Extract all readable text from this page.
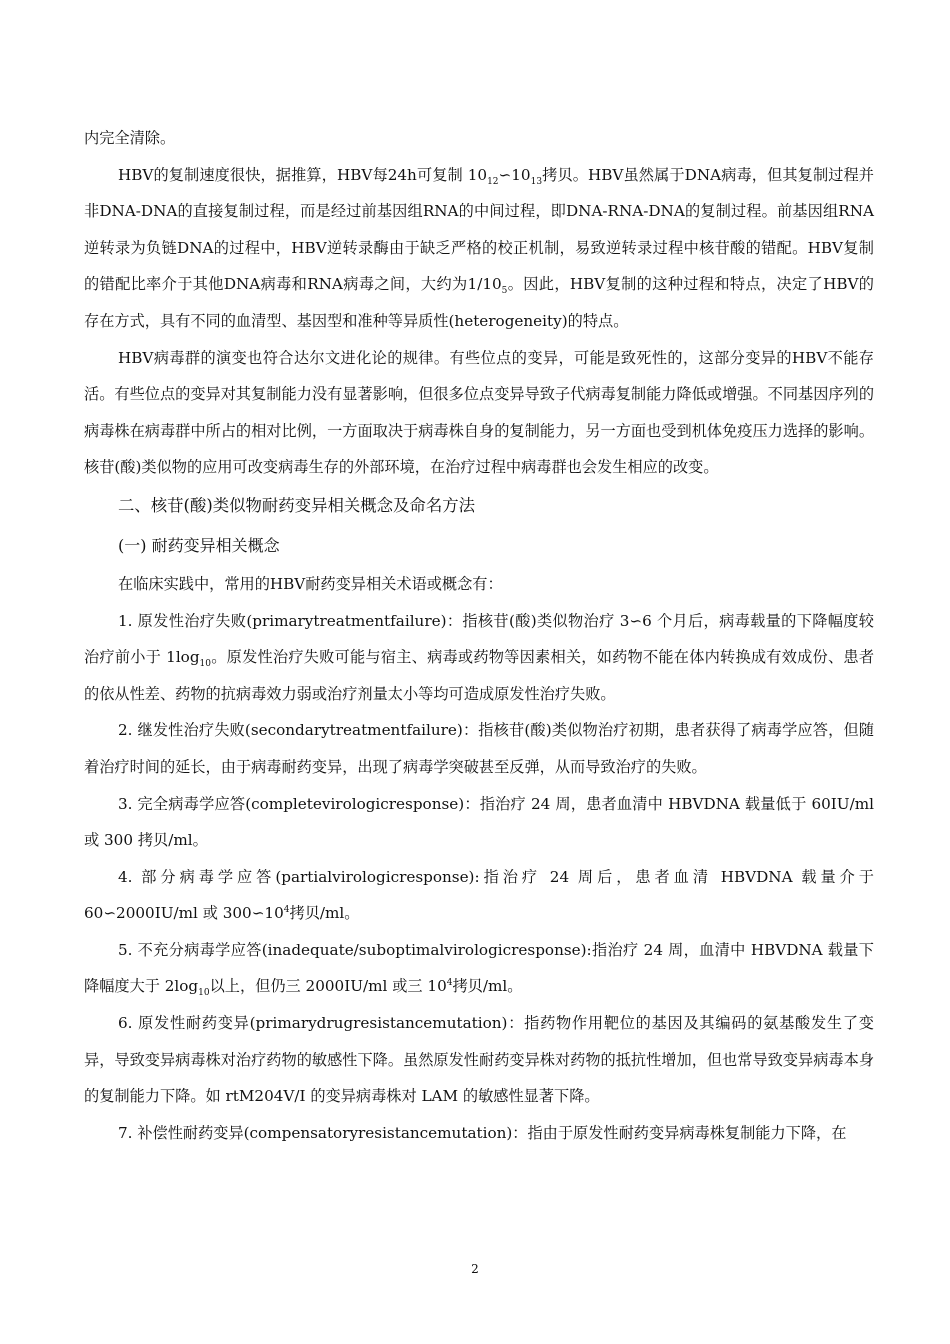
内完全清除。

HBV的复制速度很快，据推算，HBV每24h可复制 $10_{12}∽10_{13}$拷贝。HBV虽然属于DNA病毒，但其复制过程并非DNA-DNA的直接复制过程，而是经过前基因组RNA的中间过程，即DNA-RNA-DNA的复制过程。前基因组RNA逆转录为负链DNA的过程中，HBV逆转录酶由于缺乏严格的校正机制，易致逆转录过程中核苷酸的错配。HBV复制的错配比率介于其他DNA病毒和RNA病毒之间，大约为$1/10_5$。因此，HBV复制的这种过程和特点，决定了HBV的存在方式，具有不同的血清型、基因型和准种等异质性(heterogeneity)的特点。

HBV病毒群的演变也符合达尔文进化论的规律。有些位点的变异，可能是致死性的，这部分变异的HBV不能存活。有些位点的变异对其复制能力没有显著影响，但很多位点变异导致子代病毒复制能力降低或增强。不同基因序列的病毒株在病毒群中所占的相对比例，一方面取决于病毒株自身的复制能力，另一方面也受到机体免疫压力选择的影响。核苷(酸)类似物的应用可改变病毒生存的外部环境，在治疗过程中病毒群也会发生相应的改变。

二、核苷(酸)类似物耐药变异相关概念及命名方法

(一) 耐药变异相关概念

在临床实践中，常用的HBV耐药变异相关术语或概念有：

1. 原发性治疗失败(primarytreatmentfailure)：指核苷(酸)类似物治疗 3∽6 个月后，病毒载量的下降幅度较治疗前小于 $1\log_{10}$。原发性治疗失败可能与宿主、病毒或药物等因素相关，如药物不能在体内转换成有效成份、患者的依从性差、药物的抗病毒效力弱或治疗剂量太小等均可造成原发性治疗失败。

2. 继发性治疗失败(secondarytreatmentfailure)：指核苷(酸)类似物治疗初期，患者获得了病毒学应答，但随着治疗时间的延长，由于病毒耐药变异，出现了病毒学突破甚至反弹，从而导致治疗的失败。

3. 完全病毒学应答(completevirologicresponse)：指治疗 24 周，患者血清中 HBVDNA 载量低于 60IU/ml 或 300 拷贝/ml。

4. 部分病毒学应答(partialvirologicresponse):指治疗 24 周后，患者血清 HBVDNA 载量介于 60∽2000IU/ml 或 $300∽10^4$拷贝/ml。

5. 不充分病毒学应答(inadequate/suboptimalvirologicresponse):指治疗 24 周，血清中 HBVDNA 载量下降幅度大于 $2\log_{10}$以上，但仍三 2000IU/ml 或三 $10^4$拷贝/ml。

6. 原发性耐药变异(primarydrugresistancemutation)：指药物作用靶位的基因及其编码的氨基酸发生了变异，导致变异病毒株对治疗药物的敏感性下降。虽然原发性耐药变异株对药物的抵抗性增加，但也常导致变异病毒本身的复制能力下降。如 rtM204V/I 的变异病毒株对 LAM 的敏感性显著下降。

7. 补偿性耐药变异(compensatoryresistancemutation)：指由于原发性耐药变异病毒株复制能力下降，在

2
